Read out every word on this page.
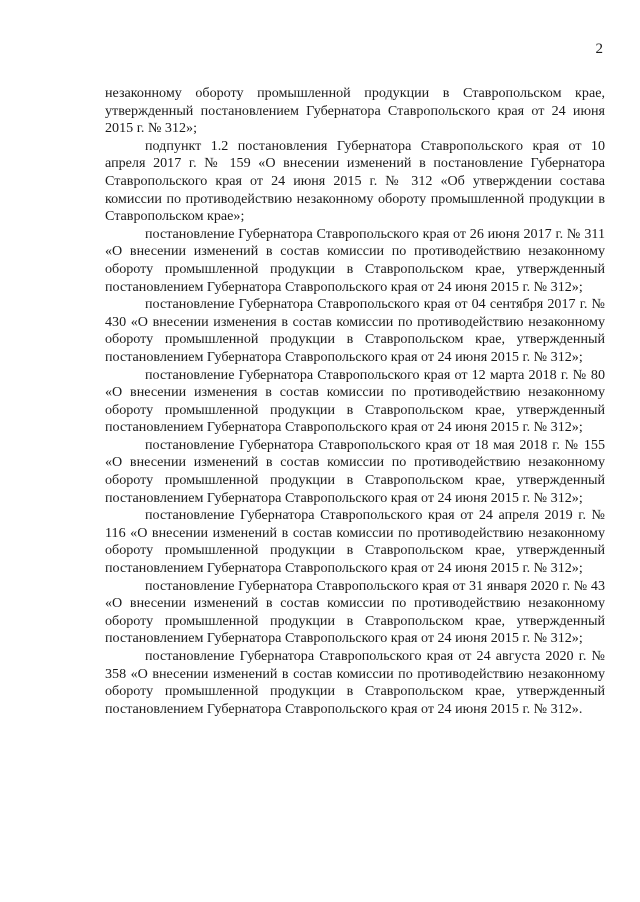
2

незаконному обороту промышленной продукции в Ставропольском крае, утвержденный постановлением Губернатора Ставропольского края от 24 июня 2015 г. № 312»;

подпункт 1.2 постановления Губернатора Ставропольского края от 10 апреля 2017 г. № 159 «О внесении изменений в постановление Губернатора Ставропольского края от 24 июня 2015 г. № 312 «Об утверждении состава комиссии по противодействию незаконному обороту промышленной продукции в Ставропольском крае»;

постановление Губернатора Ставропольского края от 26 июня 2017 г. № 311 «О внесении изменений в состав комиссии по противодействию незаконному обороту промышленной продукции в Ставропольском крае, утвержденный постановлением Губернатора Ставропольского края от 24 июня 2015 г. № 312»;

постановление Губернатора Ставропольского края от 04 сентября 2017 г. № 430 «О внесении изменения в состав комиссии по противодействию незаконному обороту промышленной продукции в Ставропольском крае, утвержденный постановлением Губернатора Ставропольского края от 24 июня 2015 г. № 312»;

постановление Губернатора Ставропольского края от 12 марта 2018 г. № 80 «О внесении изменения в состав комиссии по противодействию незаконному обороту промышленной продукции в Ставропольском крае, утвержденный постановлением Губернатора Ставропольского края от 24 июня 2015 г. № 312»;

постановление Губернатора Ставропольского края от 18 мая 2018 г. № 155 «О внесении изменений в состав комиссии по противодействию незаконному обороту промышленной продукции в Ставропольском крае, утвержденный постановлением Губернатора Ставропольского края от 24 июня 2015 г. № 312»;

постановление Губернатора Ставропольского края от 24 апреля 2019 г. № 116 «О внесении изменений в состав комиссии по противодействию незаконному обороту промышленной продукции в Ставропольском крае, утвержденный постановлением Губернатора Ставропольского края от 24 июня 2015 г. № 312»;

постановление Губернатора Ставропольского края от 31 января 2020 г. № 43 «О внесении изменений в состав комиссии по противодействию незаконному обороту промышленной продукции в Ставропольском крае, утвержденный постановлением Губернатора Ставропольского края от 24 июня 2015 г. № 312»;

постановление Губернатора Ставропольского края от 24 августа 2020 г. № 358 «О внесении изменений в состав комиссии по противодействию незаконному обороту промышленной продукции в Ставропольском крае, утвержденный постановлением Губернатора Ставропольского края от 24 июня 2015 г. № 312».
